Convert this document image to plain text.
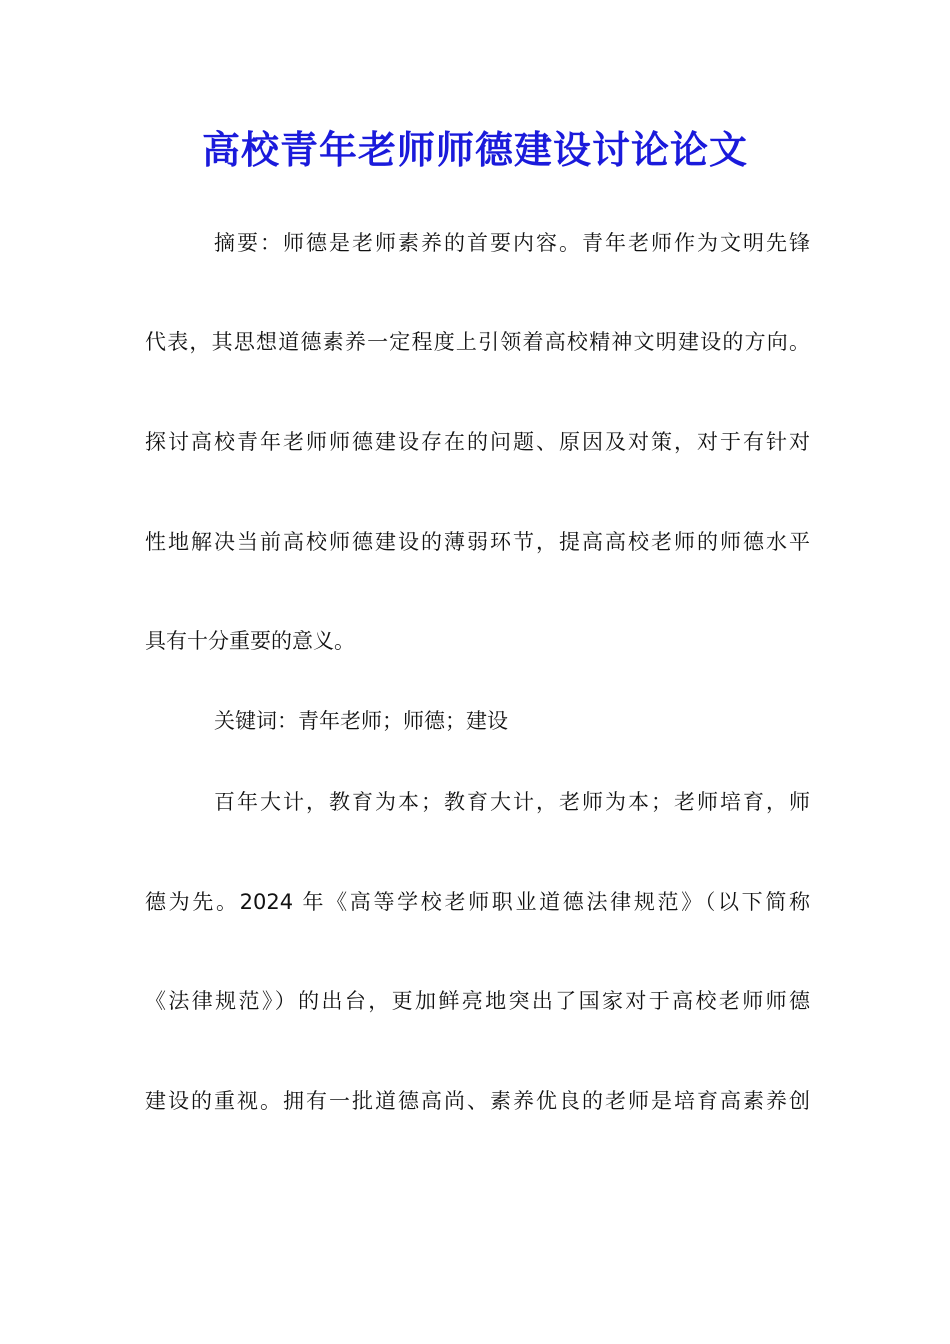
高校青年老师师德建设讨论论文
摘要：师德是老师素养的首要内容。青年老师作为文明先锋
代表，其思想道德素养一定程度上引领着高校精神文明建设的方向。
探讨高校青年老师师德建设存在的问题、原因及对策，对于有针对
性地解决当前高校师德建设的薄弱环节，提高高校老师的师德水平
具有十分重要的意义。
关键词：青年老师；师德；建设
百年大计，教育为本；教育大计，老师为本；老师培育，师
德为先。2024 年《高等学校老师职业道德法律规范》（以下简称
《法律规范》）的出台，更加鲜亮地突出了国家对于高校老师师德
建设的重视。拥有一批道德高尚、素养优良的老师是培育高素养创
